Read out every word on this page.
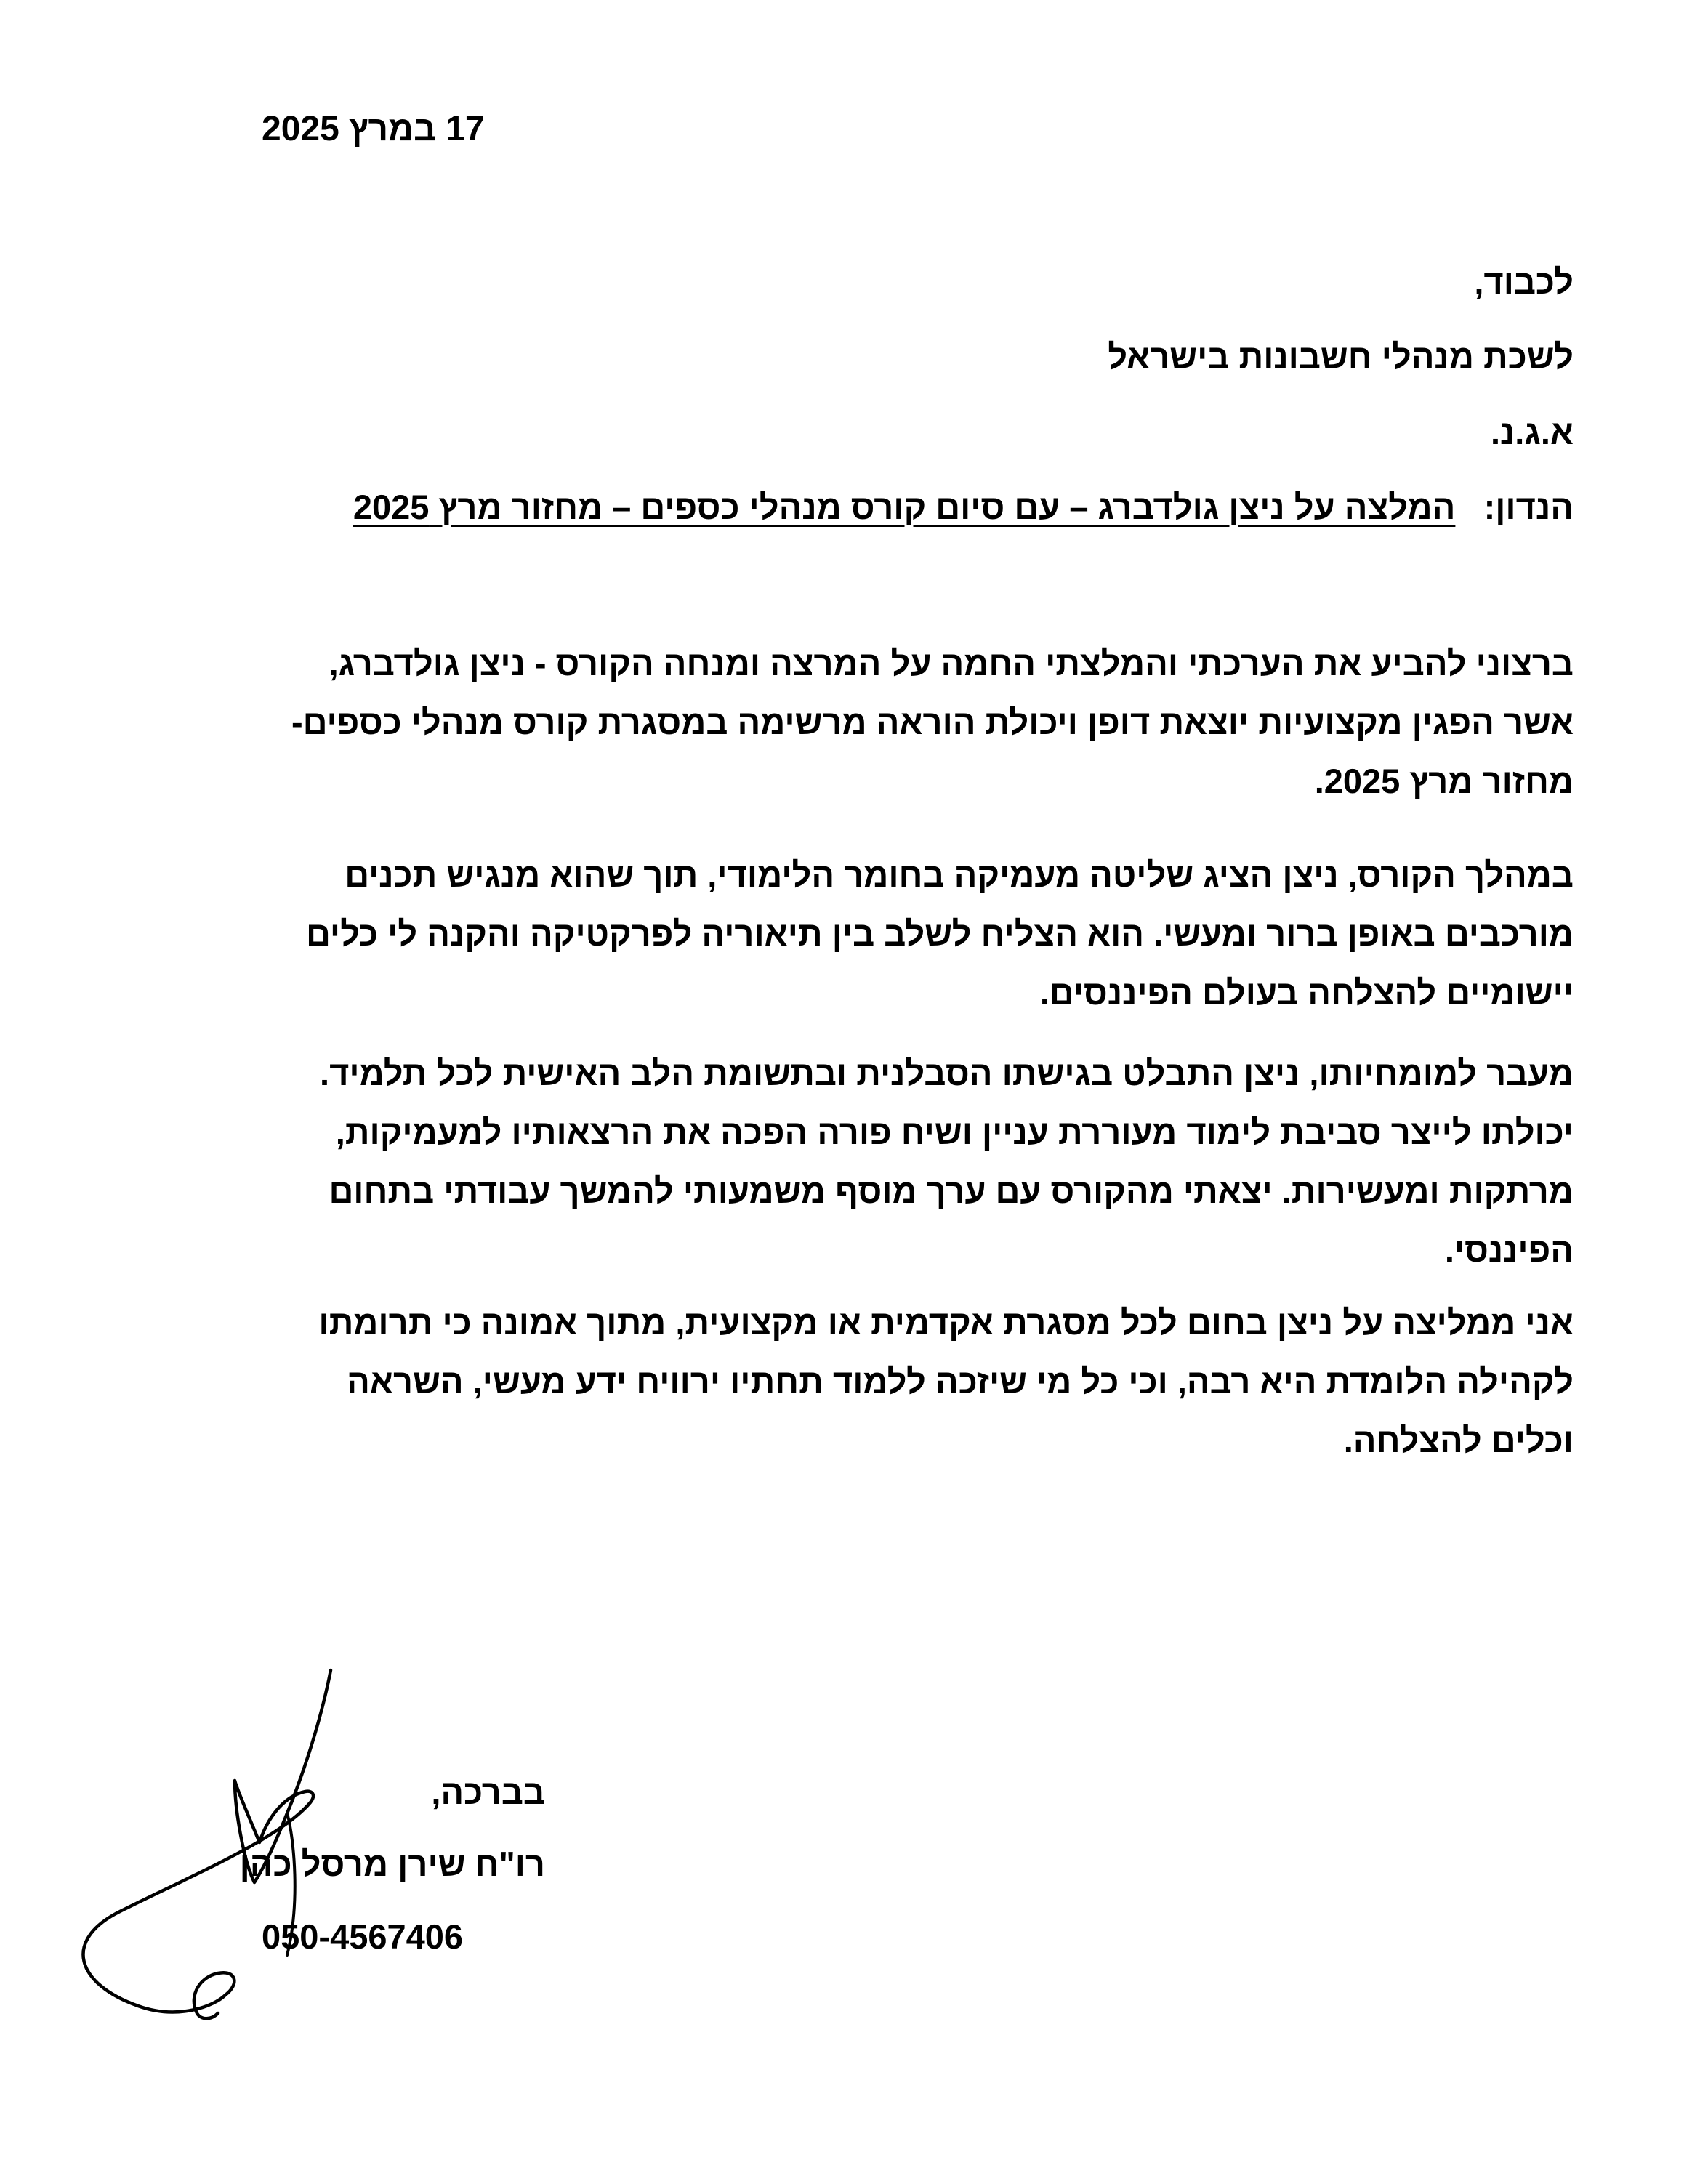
17 במרץ 2025
לכבוד,
לשכת מנהלי חשבונות בישראל
א.ג.נ.
הנדון:   המלצה על ניצן גולדברג – עם סיום קורס מנהלי כספים – מחזור מרץ 2025
ברצוני להביע את הערכתי והמלצתי החמה על המרצה ומנחה הקורס - ניצן גולדברג,
אשר הפגין מקצועיות יוצאת דופן ויכולת הוראה מרשימה במסגרת קורס מנהלי כספים-
מחזור מרץ 2025.
במהלך הקורס, ניצן הציג שליטה מעמיקה בחומר הלימודי, תוך שהוא מנגיש תכנים
מורכבים באופן ברור ומעשי. הוא הצליח לשלב בין תיאוריה לפרקטיקה והקנה לי כלים
יישומיים להצלחה בעולם הפיננסים.
מעבר למומחיותו, ניצן התבלט בגישתו הסבלנית ובתשומת הלב האישית לכל תלמיד.
יכולתו לייצר סביבת לימוד מעוררת עניין ושיח פורה הפכה את הרצאותיו למעמיקות,
מרתקות ומעשירות. יצאתי מהקורס עם ערך מוסף משמעותי להמשך עבודתי בתחום
הפיננסי.
אני ממליצה על ניצן בחום לכל מסגרת אקדמית או מקצועית, מתוך אמונה כי תרומתו
לקהילה הלומדת היא רבה, וכי כל מי שיזכה ללמוד תחתיו ירוויח ידע מעשי, השראה
וכלים להצלחה.
בברכה,
רו"ח שירן מרסל כהן
050-4567406
